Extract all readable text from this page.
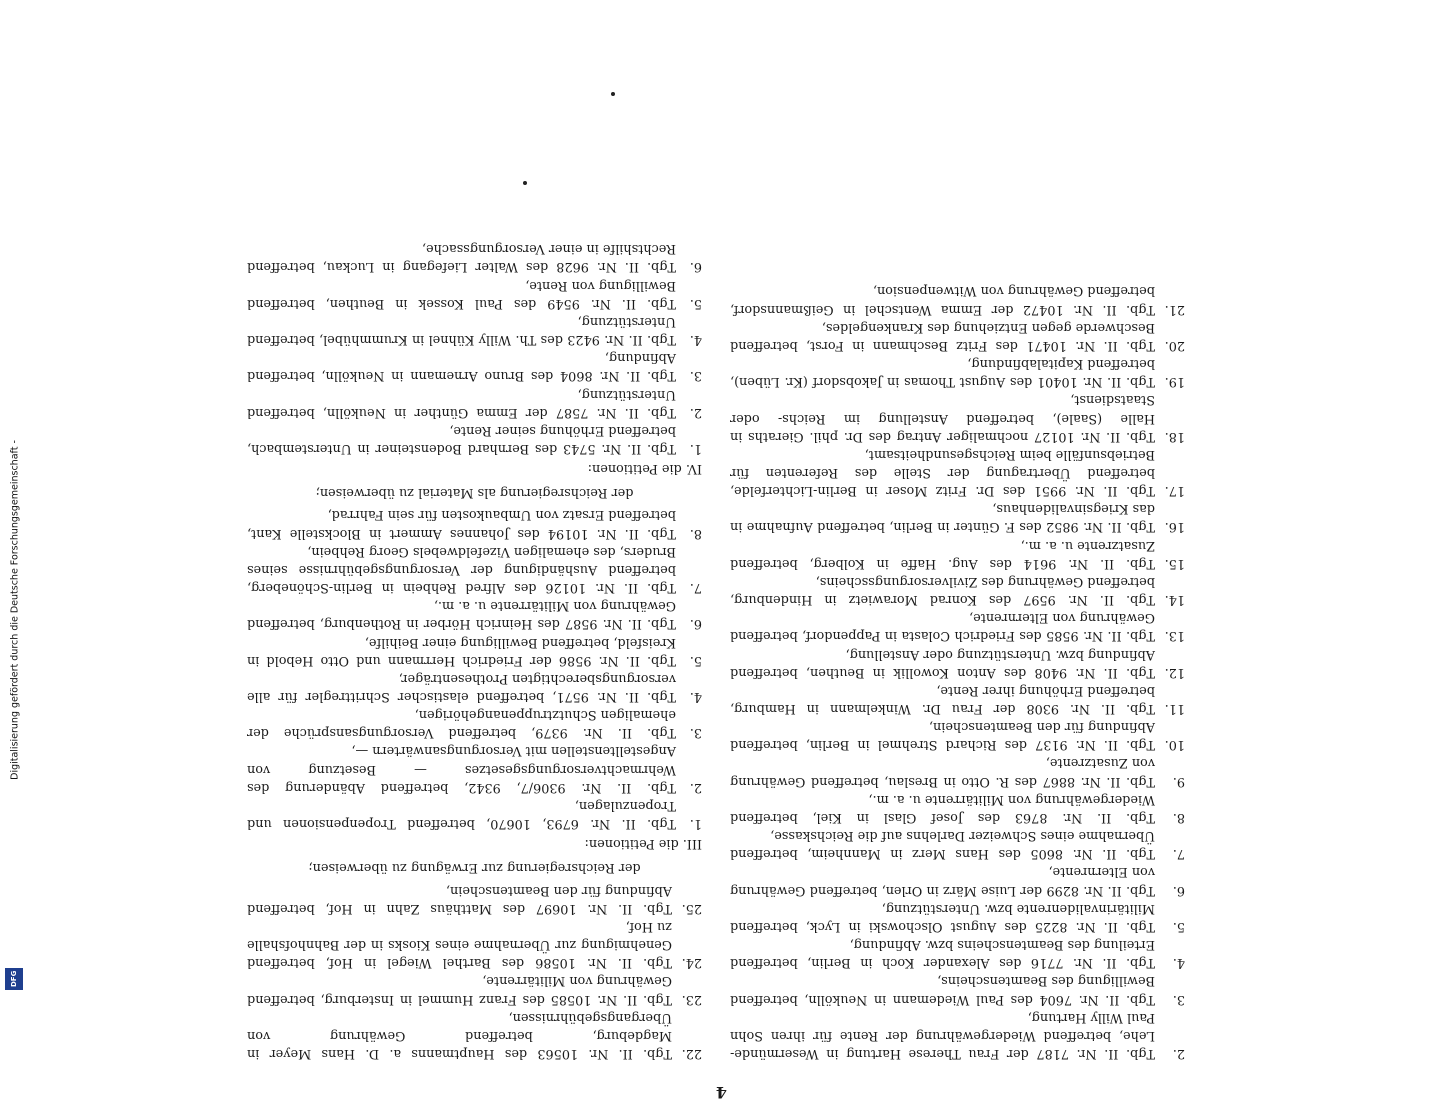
4

2.Tgb. II. Nr. 7187 der Frau Therese Hartung in Wesermünde-Lehe, betreffend Wiedergewährung der Rente für ihren Sohn Paul Willy Hartung,

3.Tgb. II. Nr. 7604 des Paul Wiedemann in Neukölln, betreffend Bewilligung des Beamtenscheins,

4.Tgb. II. Nr. 7716 des Alexander Koch in Berlin, betreffend Erteilung des Beamtenscheins bzw. Abfindung,

5.Tgb. II. Nr. 8225 des August Olschowski in Lyck, betreffend Militärinvalidenrente bzw. Unterstützung,

6.Tgb. II. Nr. 8299 der Luise März in Orlen, betreffend Gewährung von Elternrente,

7.Tgb. II. Nr. 8605 des Hans Merz in Mannheim, betreffend Übernahme eines Schweizer Darlehns auf die Reichskasse,

8.Tgb. II. Nr. 8763 des Josef Glasl in Kiel, betreffend Wiedergewährung von Militärrente u. a. m.,

9.Tgb. II. Nr. 8867 des R. Otto in Breslau, betreffend Gewährung von Zusatzrente,

10.Tgb. II. Nr. 9137 des Richard Strehmel in Berlin, betreffend Abfindung für den Beamtenschein,

11.Tgb. II. Nr. 9308 der Frau Dr. Winkelmann in Hamburg, betreffend Erhöhung ihrer Rente,

12.Tgb. II. Nr. 9408 des Anton Kowollik in Beuthen, betreffend Abfindung bzw. Unterstützung oder Anstellung,

13.Tgb. II. Nr. 9585 des Friedrich Colasta in Pappendorf, betreffend Gewährung von Elternrente,

14.Tgb. II. Nr. 9597 des Konrad Morawietz in Hindenburg, betreffend Gewährung des Zivilversorgungsscheins,

15.Tgb. II. Nr. 9614 des Aug. Haffe in Kolberg, betreffend Zusatzrente u. a. m.,

16.Tgb. II. Nr. 9852 des F. Günter in Berlin, betreffend Aufnahme in das Kriegsinvalidenhaus,

17.Tgb. II. Nr. 9951 des Dr. Fritz Moser in Berlin-Lichterfelde, betreffend Übertragung der Stelle des Referenten für Betriebsunfälle beim Reichsgesundheitsamt,

18.Tgb. II. Nr. 10127 nochmaliger Antrag des Dr. phil. Gieraths in Halle (Saale), betreffend Anstellung im Reichs- oder Staatsdienst,

19.Tgb. II. Nr. 10401 des August Thomas in Jakobsdorf (Kr. Lüben), betreffend Kapitalabfindung,

20.Tgb. II. Nr. 10471 des Fritz Beschmann in Forst, betreffend Beschwerde gegen Entziehung des Krankengeldes,

21.Tgb. II. Nr. 10472 der Emma Wentschel in Geißmannsdorf, betreffend Gewährung von Witwenpension,

22.Tgb. II. Nr. 10563 des Hauptmanns a. D. Hans Meyer in Magdeburg, betreffend Gewährung von Übergangsgebührnissen,

23.Tgb. II. Nr. 10585 des Franz Hummel in Insterburg, betreffend Gewährung von Militärrente,

24.Tgb. II. Nr. 10586 des Barthel Wiegel in Hof, betreffend Genehmigung zur Übernahme eines Kiosks in der Bahnhofshalle zu Hof,

25.Tgb. II. Nr. 10697 des Matthäus Zahn in Hof, betreffend Abfindung für den Beamtenschein,

der Reichsregierung zur Erwägung zu überweisen;
III. die Petitionen:

1.Tgb. II. Nr. 6793, 10670, betreffend Tropenpensionen und Tropenzulagen,

2.Tgb. II. Nr. 9306/7, 9342, betreffend Abänderung des Wehrmachtversorgungsgesetzes — Besetzung von Angestelltenstellen mit Versorgungsanwärtern —,

3.Tgb. II. Nr. 9379, betreffend Versorgungsansprüche der ehemaligen Schutztruppenangehörigen,

4.Tgb. II. Nr. 9571, betreffend elastischer Schrittregler für alle versorgungsberechtigten Prothesenträger,

5.Tgb. II. Nr. 9586 der Friedrich Herrmann und Otto Hebold in Kreisfeld, betreffend Bewilligung einer Beihilfe,

6.Tgb. II. Nr. 9587 des Heinrich Hörber in Rothenburg, betreffend Gewährung von Militärrente u. a. m.,

7.Tgb. II. Nr. 10126 des Alfred Rehbein in Berlin-Schöneberg, betreffend Aushändigung der Versorgungsgebührnisse seines Bruders, des ehemaligen Vizefeldwebels Georg Rehbein,

8.Tgb. II. Nr. 10194 des Johannes Ammert in Blockstelle Kant, betreffend Ersatz von Umbaukosten für sein Fahrrad,

der Reichsregierung als Material zu überweisen;
IV. die Petitionen:

1.Tgb. II. Nr. 5743 des Bernhard Bodensteiner in Unterstembach, betreffend Erhöhung seiner Rente,

2.Tgb. II. Nr. 7587 der Emma Günther in Neukölln, betreffend Unterstützung,

3.Tgb. II. Nr. 8604 des Bruno Arnemann in Neukölln, betreffend Abfindung,

4.Tgb. II. Nr. 9423 des Th. Willy Kühnel in Krummhübel, betreffend Unterstützung,

5.Tgb. II. Nr. 9549 des Paul Kossek in Beuthen, betreffend Bewilligung von Rente,

6.Tgb. II. Nr. 9628 des Walter Liefegang in Luckau, betreffend Rechtshilfe in einer Versorgungssache,

Digitalisierung gefördert durch die Deutsche Forschungsgemeinschaft -
DFG
